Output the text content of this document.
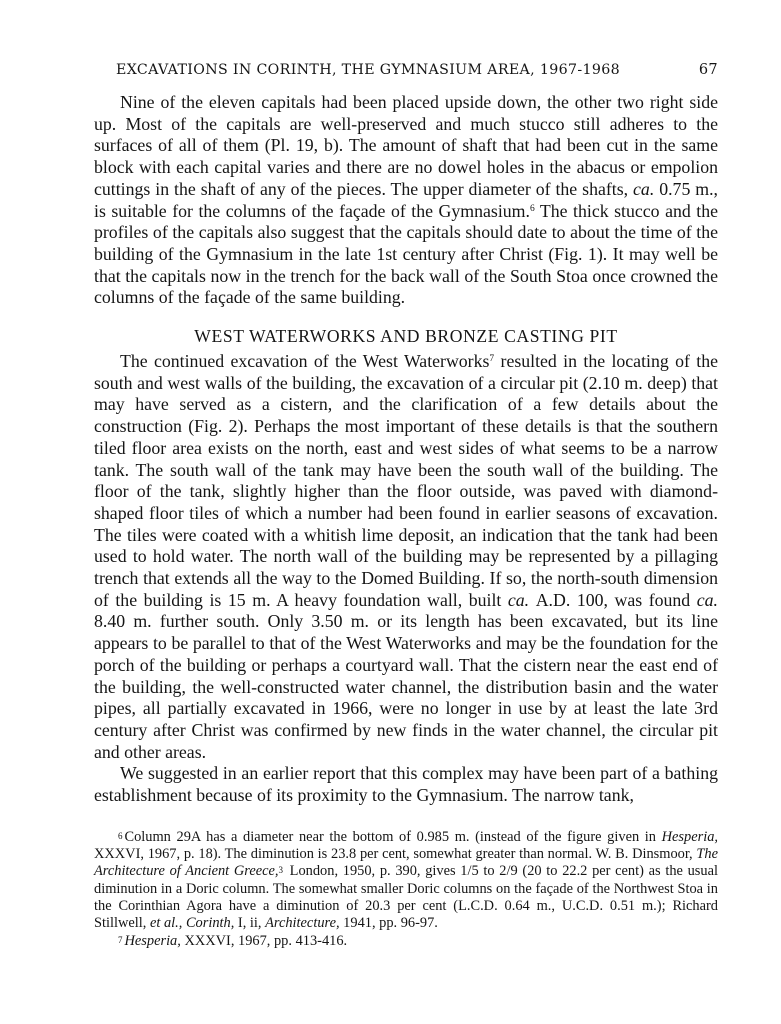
EXCAVATIONS IN CORINTH, THE GYMNASIUM AREA, 1967-1968	67

Nine of the eleven capitals had been placed upside down, the other two right side up. Most of the capitals are well-preserved and much stucco still adheres to the surfaces of all of them (Pl. 19, b). The amount of shaft that had been cut in the same block with each capital varies and there are no dowel holes in the abacus or empolion cuttings in the shaft of any of the pieces. The upper diameter of the shafts, ca. 0.75 m., is suitable for the columns of the façade of the Gymnasium.$^6$ The thick stucco and the profiles of the capitals also suggest that the capitals should date to about the time of the building of the Gymnasium in the late 1st century after Christ (Fig. 1). It may well be that the capitals now in the trench for the back wall of the South Stoa once crowned the columns of the façade of the same building.

WEST WATERWORKS AND BRONZE CASTING PIT

The continued excavation of the West Waterworks$^7$ resulted in the locating of the south and west walls of the building, the excavation of a circular pit (2.10 m. deep) that may have served as a cistern, and the clarification of a few details about the construction (Fig. 2). Perhaps the most important of these details is that the southern tiled floor area exists on the north, east and west sides of what seems to be a narrow tank. The south wall of the tank may have been the south wall of the building. The floor of the tank, slightly higher than the floor outside, was paved with diamond-shaped floor tiles of which a number had been found in earlier seasons of excavation. The tiles were coated with a whitish lime deposit, an indication that the tank had been used to hold water. The north wall of the building may be represented by a pillaging trench that extends all the way to the Domed Building. If so, the north-south dimension of the building is 15 m. A heavy foundation wall, built ca. A.D. 100, was found ca. 8.40 m. further south. Only 3.50 m. or its length has been excavated, but its line appears to be parallel to that of the West Waterworks and may be the foundation for the porch of the building or perhaps a courtyard wall. That the cistern near the east end of the building, the well-constructed water channel, the distribution basin and the water pipes, all partially excavated in 1966, were no longer in use by at least the late 3rd century after Christ was confirmed by new finds in the water channel, the circular pit and other areas.

We suggested in an earlier report that this complex may have been part of a bathing establishment because of its proximity to the Gymnasium. The narrow tank,

$^6$ Column 29A has a diameter near the bottom of 0.985 m. (instead of the figure given in Hesperia, XXXVI, 1967, p. 18). The diminution is 23.8 per cent, somewhat greater than normal. W. B. Dinsmoor, The Architecture of Ancient Greece,$^3$ London, 1950, p. 390, gives 1/5 to 2/9 (20 to 22.2 per cent) as the usual diminution in a Doric column. The somewhat smaller Doric columns on the façade of the Northwest Stoa in the Corinthian Agora have a diminution of 20.3 per cent (L.C.D. 0.64 m., U.C.D. 0.51 m.); Richard Stillwell, et al., Corinth, I, ii, Architecture, 1941, pp. 96-97.

$^7$ Hesperia, XXXVI, 1967, pp. 413-416.
